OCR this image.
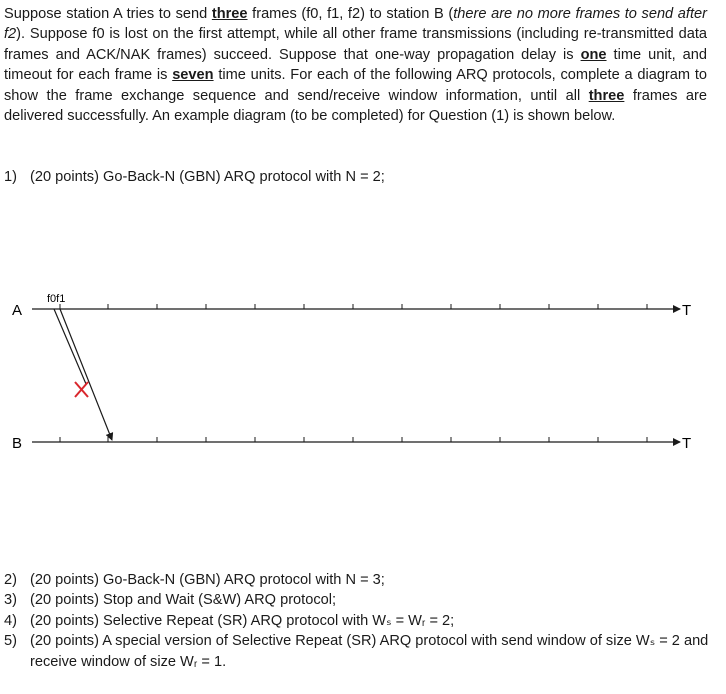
Suppose station A tries to send three frames (f0, f1, f2) to station B (there are no more frames to send after f2). Suppose f0 is lost on the first attempt, while all other frame transmissions (including re-transmitted data frames and ACK/NAK frames) succeed. Suppose that one-way propagation delay is one time unit, and timeout for each frame is seven time units. For each of the following ARQ protocols, complete a diagram to show the frame exchange sequence and send/receive window information, until all three frames are delivered successfully. An example diagram (to be completed) for Question (1) is shown below.

1) (20 points) Go-Back-N (GBN) ARQ protocol with N = 2;
A
B
T
T
f0f1
2) (20 points) Go-Back-N (GBN) ARQ protocol with N = 3;
3) (20 points) Stop and Wait (S&W) ARQ protocol;
4) (20 points) Selective Repeat (SR) ARQ protocol with Wₛ = Wᵣ = 2;
5) (20 points) A special version of Selective Repeat (SR) ARQ protocol with send window of size Wₛ = 2 and receive window of size Wᵣ = 1.
